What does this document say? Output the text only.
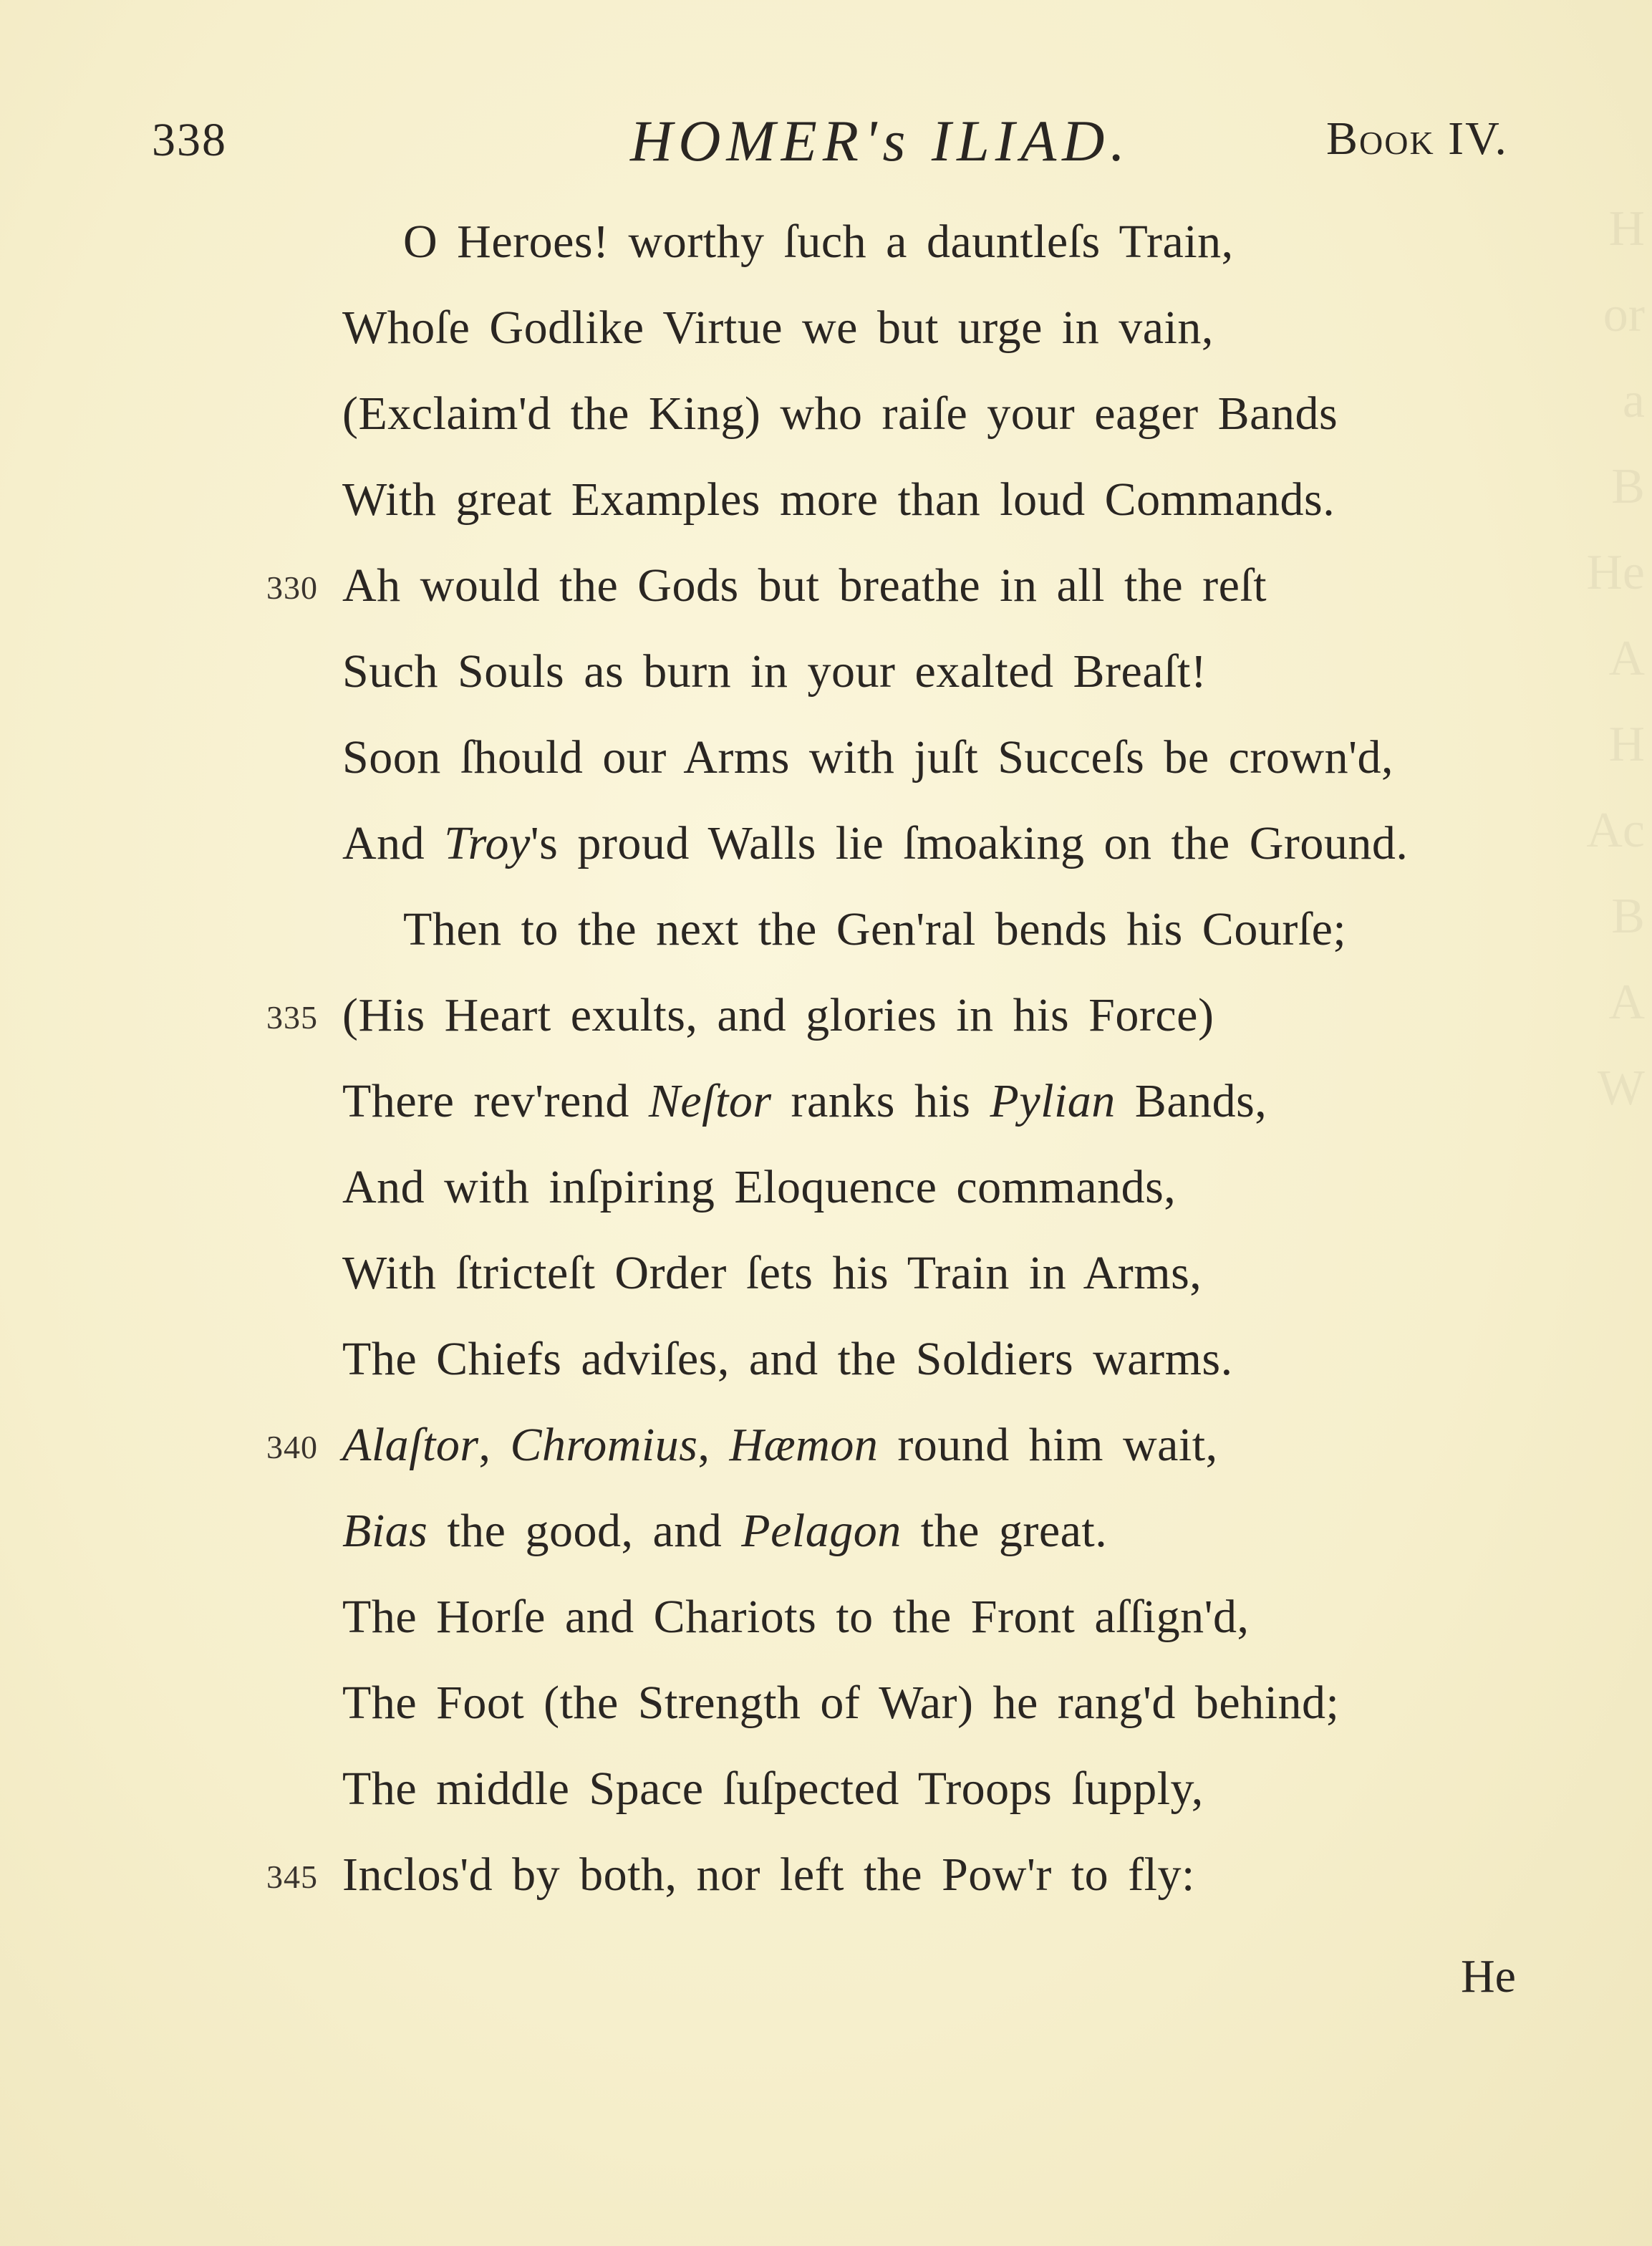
H
or
a
B
He
A
H
Ac
B
A
W
338	HOMER's ILIAD.	Book IV.
O Heroes! worthy ſuch a dauntleſs Train,
Whoſe Godlike Virtue we but urge in vain,
(Exclaim'd the King) who raiſe your eager Bands
With great Examples more than loud Commands.
330 Ah would the Gods but breathe in all the reſt
Such Souls as burn in your exalted Breaſt!
Soon ſhould our Arms with juſt Succeſs be crown'd,
And Troy's proud Walls lie ſmoaking on the Ground.
Then to the next the Gen'ral bends his Courſe;
335 (His Heart exults, and glories in his Force)
There rev'rend Neſtor ranks his Pylian Bands,
And with inſpiring Eloquence commands,
With ſtricteſt Order ſets his Train in Arms,
The Chiefs adviſes, and the Soldiers warms.
340 Alaſtor, Chromius, Hæmon round him wait,
Bias the good, and Pelagon the great.
The Horſe and Chariots to the Front aſſign'd,
The Foot (the Strength of War) he rang'd behind;
The middle Space ſuſpected Troops ſupply,
345 Inclos'd by both, nor left the Pow'r to fly:
He
